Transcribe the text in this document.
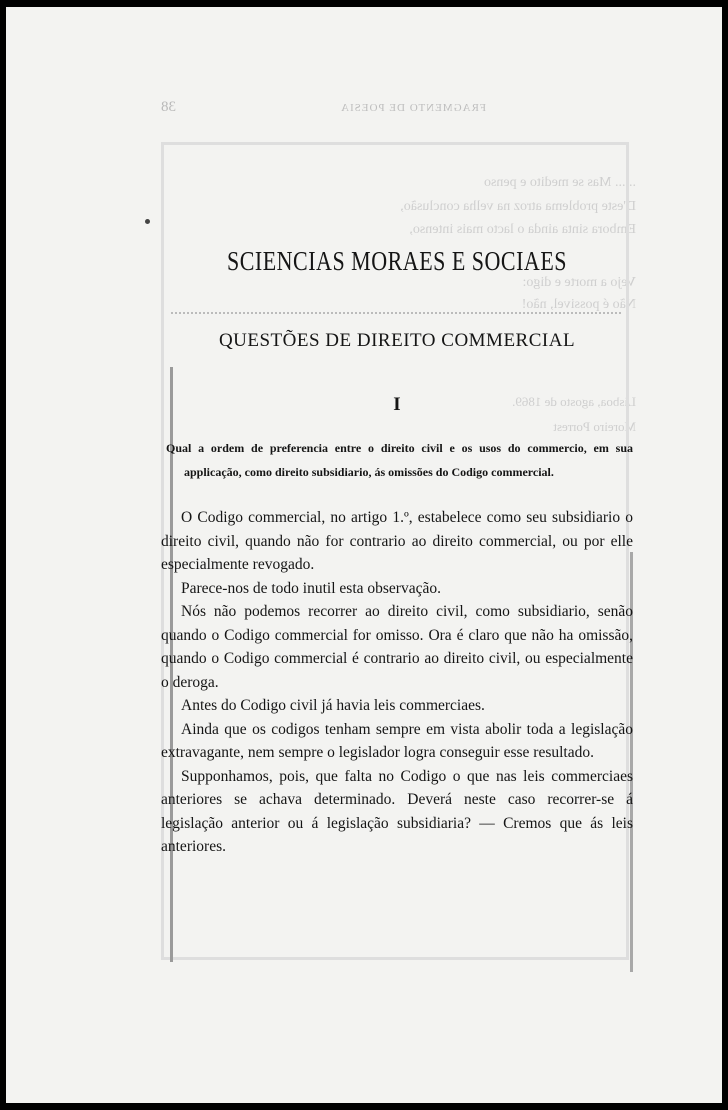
38	FRAGMENTO DE POESIA
...... Mas se medito e penso
D'este problema atroz na velha conclusão,
Embora sinta ainda o lacto mais intenso,
Vejo a morte e digo:
Não é possivel, não!
Lisboa, agosto de 1869.
Moreiro Porrest
SCIENCIAS MORAES E SOCIAES
QUESTÕES DE DIREITO COMMERCIAL
I
Qual a ordem de preferencia entre o direito civil e os usos do commercio, em sua applicação, como direito subsidiario, ás omissões do Codigo commercial.

O Codigo commercial, no artigo 1.º, estabelece como seu subsidiario o direito civil, quando não for contrario ao direito commercial, ou por elle especialmente revogado.

Parece-nos de todo inutil esta observação.

Nós não podemos recorrer ao direito civil, como subsidiario, senão quando o Codigo commercial for omisso. Ora é claro que não ha omissão, quando o Codigo commercial é contrario ao direito civil, ou especialmente o deroga.

Antes do Codigo civil já havia leis commerciaes.

Ainda que os codigos tenham sempre em vista abolir toda a legislação extravagante, nem sempre o legislador logra conseguir esse resultado.

Supponhamos, pois, que falta no Codigo o que nas leis commerciaes anteriores se achava determinado. Deverá neste caso recorrer-se á legislação anterior ou á legislação subsidiaria? — Cremos que ás leis anteriores.
